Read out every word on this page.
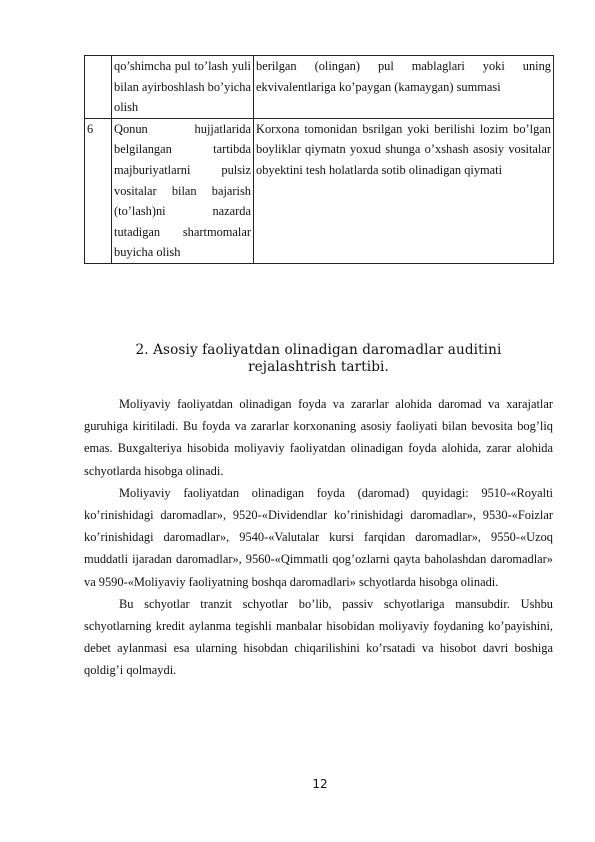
	qo’shimcha pul to’lash yuli bilan ayirboshlash bo’yicha olish	berilgan (olingan) pul mablaglari yoki uning ekvivalentlariga ko’paygan (kamaygan) summasi
6	Qonun hujjatlarida belgilangan tartibda majburiyatlarni pulsiz vositalar bilan bajarish (to’lash)ni nazarda tutadigan shartmomalar buyicha olish	Korxona tomonidan bsrilgan yoki berilishi lozim bo’lgan boyliklar qiymatn yoxud shunga o’xshash asosiy vositalar obyektini tesh holatlarda sotib olinadigan qiymati
2. Asosiy faoliyatdan olinadigan daromadlar auditini
rejalashtrish tartibi.

Moliyaviy faoliyatdan olinadigan foyda va zararlar alohida daromad va xarajatlar guruhiga kiritiladi. Bu foyda va zararlar korxonaning asosiy faoliyati bilan bevosita bog’liq emas. Buxgalteriya hisobida moliyaviy faoliyatdan olinadigan foyda alohida, zarar alohida schyotlarda hisobga olinadi.

Moliyaviy faoliyatdan olinadigan foyda (daromad) quyidagi: 9510-«Royalti ko’rinishidagi daromadlar», 9520-«Dividendlar ko’rinishidagi daromadlar», 9530-«Foizlar ko’rinishidagi daromadlar», 9540-«Valutalar kursi farqidan daromadlar», 9550-«Uzoq muddatli ijaradan daromadlar», 9560-«Qimmatli qog’ozlarni qayta baholashdan daromadlar» va 9590-«Moliyaviy faoliyatning boshqa daromadlari» schyotlarda hisobga olinadi.

Bu schyotlar tranzit schyotlar bo’lib, passiv schyotlariga mansubdir. Ushbu schyotlarning kredit aylanma tegishli manbalar hisobidan moliyaviy foydaning ko’payishini, debet aylanmasi esa ularning hisobdan chiqarilishini ko’rsatadi va hisobot davri boshiga qoldig’i qolmaydi.

12
